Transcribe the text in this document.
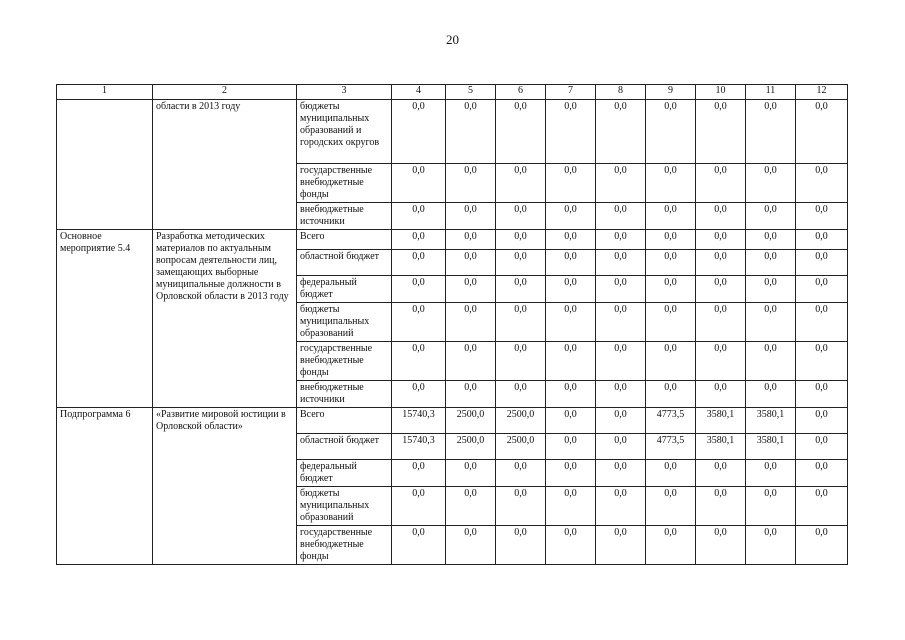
20
1	2	3	4	5	6	7	8	9	10	11	12
	области в 2013 году	бюджеты муниципальных образований и городских округов	0,0	0,0	0,0	0,0	0,0	0,0	0,0	0,0	0,0
		государственные внебюджетные фонды	0,0	0,0	0,0	0,0	0,0	0,0	0,0	0,0	0,0
		внебюджетные источники	0,0	0,0	0,0	0,0	0,0	0,0	0,0	0,0	0,0
Основное мероприятие 5.4	Разработка методических материалов по актуальным вопросам деятельности лиц, замещающих выборные муниципальные должности в Орловской области в 2013 году	Всего	0,0	0,0	0,0	0,0	0,0	0,0	0,0	0,0	0,0
		областной бюджет	0,0	0,0	0,0	0,0	0,0	0,0	0,0	0,0	0,0
		федеральный бюджет	0,0	0,0	0,0	0,0	0,0	0,0	0,0	0,0	0,0
		бюджеты муниципальных образований	0,0	0,0	0,0	0,0	0,0	0,0	0,0	0,0	0,0
		государственные внебюджетные фонды	0,0	0,0	0,0	0,0	0,0	0,0	0,0	0,0	0,0
		внебюджетные источники	0,0	0,0	0,0	0,0	0,0	0,0	0,0	0,0	0,0
Подпрограмма 6	«Развитие мировой юстиции в Орловской области»	Всего	15740,3	2500,0	2500,0	0,0	0,0	4773,5	3580,1	3580,1	0,0
		областной бюджет	15740,3	2500,0	2500,0	0,0	0,0	4773,5	3580,1	3580,1	0,0
		федеральный бюджет	0,0	0,0	0,0	0,0	0,0	0,0	0,0	0,0	0,0
		бюджеты муниципальных образований	0,0	0,0	0,0	0,0	0,0	0,0	0,0	0,0	0,0
		государственные внебюджетные фонды	0,0	0,0	0,0	0,0	0,0	0,0	0,0	0,0	0,0
